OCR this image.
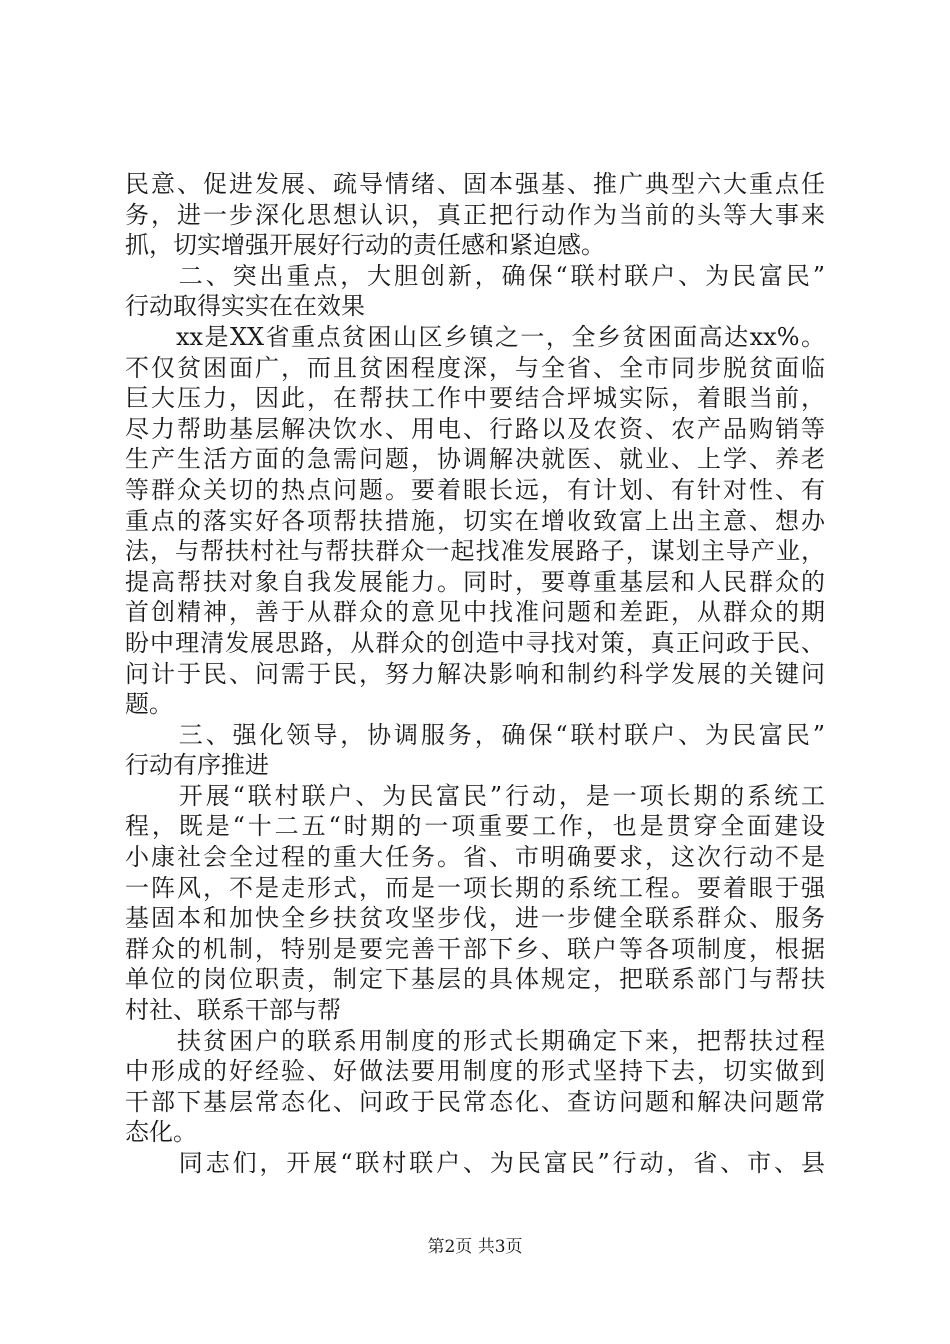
民意、促进发展、疏导情绪、固本强基、推广典型六大重点任
务，进一步深化思想认识，真正把行动作为当前的头等大事来
抓，切实增强开展好行动的责任感和紧迫感。
　　二、突出重点，大胆创新，确保“联村联户、为民富民”
行动取得实实在在效果
　　xx是XX省重点贫困山区乡镇之一，全乡贫困面高达xx%。
不仅贫困面广，而且贫困程度深，与全省、全市同步脱贫面临
巨大压力，因此，在帮扶工作中要结合坪城实际，着眼当前，
尽力帮助基层解决饮水、用电、行路以及农资、农产品购销等
生产生活方面的急需问题，协调解决就医、就业、上学、养老
等群众关切的热点问题。要着眼长远，有计划、有针对性、有
重点的落实好各项帮扶措施，切实在增收致富上出主意、想办
法，与帮扶村社与帮扶群众一起找准发展路子，谋划主导产业，
提高帮扶对象自我发展能力。同时，要尊重基层和人民群众的
首创精神，善于从群众的意见中找准问题和差距，从群众的期
盼中理清发展思路，从群众的创造中寻找对策，真正问政于民、
问计于民、问需于民，努力解决影响和制约科学发展的关键问
题。
　　三、强化领导，协调服务，确保“联村联户、为民富民”
行动有序推进
　　开展“联村联户、为民富民”行动，是一项长期的系统工
程，既是“十二五“时期的一项重要工作，也是贯穿全面建设
小康社会全过程的重大任务。省、市明确要求，这次行动不是
一阵风，不是走形式，而是一项长期的系统工程。要着眼于强
基固本和加快全乡扶贫攻坚步伐，进一步健全联系群众、服务
群众的机制，特别是要完善干部下乡、联户等各项制度，根据
单位的岗位职责，制定下基层的具体规定，把联系部门与帮扶
村社、联系干部与帮
　　扶贫困户的联系用制度的形式长期确定下来，把帮扶过程
中形成的好经验、好做法要用制度的形式坚持下去，切实做到
干部下基层常态化、问政于民常态化、查访问题和解决问题常
态化。
　　同志们，开展“联村联户、为民富民”行动，省、市、县
第2页 共3页
